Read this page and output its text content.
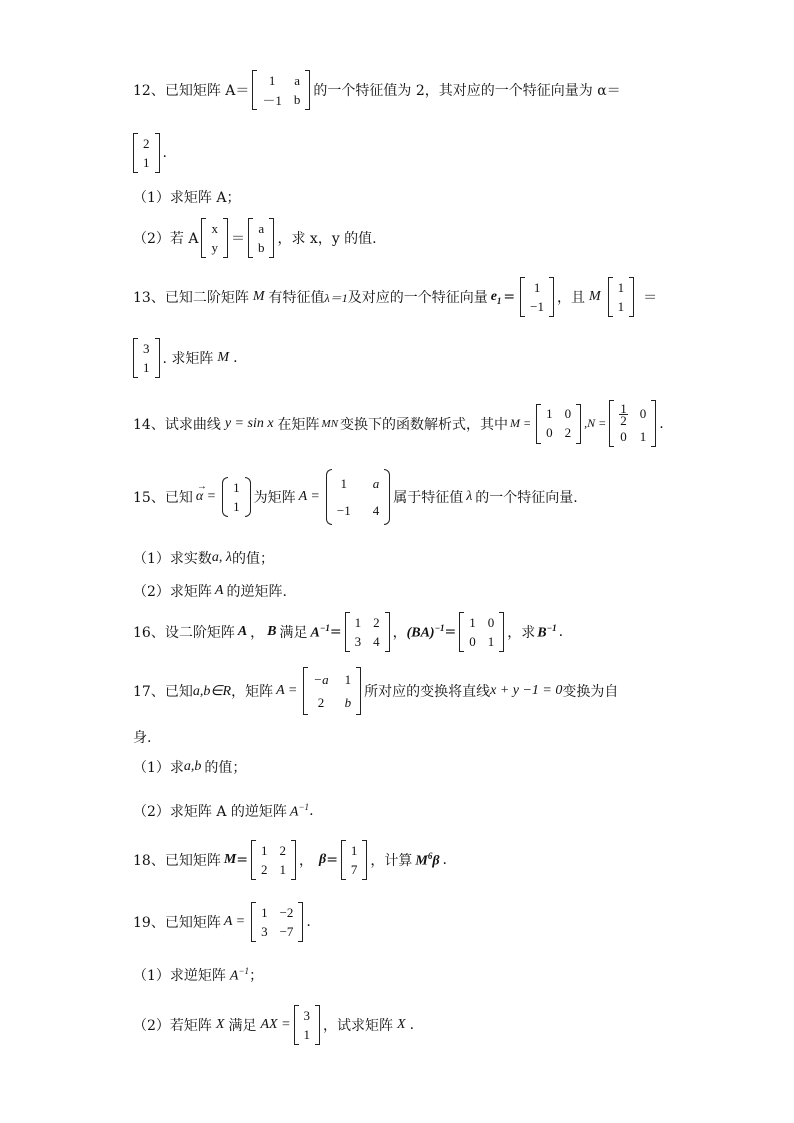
12、 已知矩阵 A＝
1	a
－1 b 的一个特征值为 2，其对应的一个特征向量为 α＝
2
1
.
（1）求矩阵 A；
（2）若 A
x
y ＝
a
b ，求 x，y 的值.
13、 已知二阶矩阵 M 有特征值 λ＝1 及对应的一个特征向量 $e_1$ =
1
−1 ，且 M
1
1 ＝
3
1 . 求矩阵 M .
14、 试求曲线 y = sin x 在矩阵 MN 变换下的函数解析式，其中 M =
1 0
0 2
$,N = \frac{1}{2} 0$
0	1
.
15、 已知
→
α =
1
1 为矩阵 A =
1	a
−1 4
属于特征值 λ 的一个特征向量.
（1）求实数 a, λ 的值；
（2）求矩阵 A 的逆矩阵.
16、 设二阶矩阵 A ， B 满足 $A^{-1}$ =
1 2
3 4 ， (BA)$^{-1}$ =
1 0
0 1 ，求 $B^{-1}$ .
17、 已知 a,b∈R ，矩阵 A =
−a 1
2	b
所对应的变换将直线 x + y −1 = 0 变换为自
身.
（1）求 a,b 的值；
（2）求矩阵 A 的逆矩阵 $A^{-1}$ .
18、 已知矩阵 M =
1 2
2 1 ， β =
1
7 ，计算 $M^6\beta$ .
19、 已知矩阵 A =
1 −2
3 −7
.
（1）求逆矩阵 $A^{-1}$ ；
（2）若矩阵 X 满足 AX =
3
1 ，试求矩阵 X .
